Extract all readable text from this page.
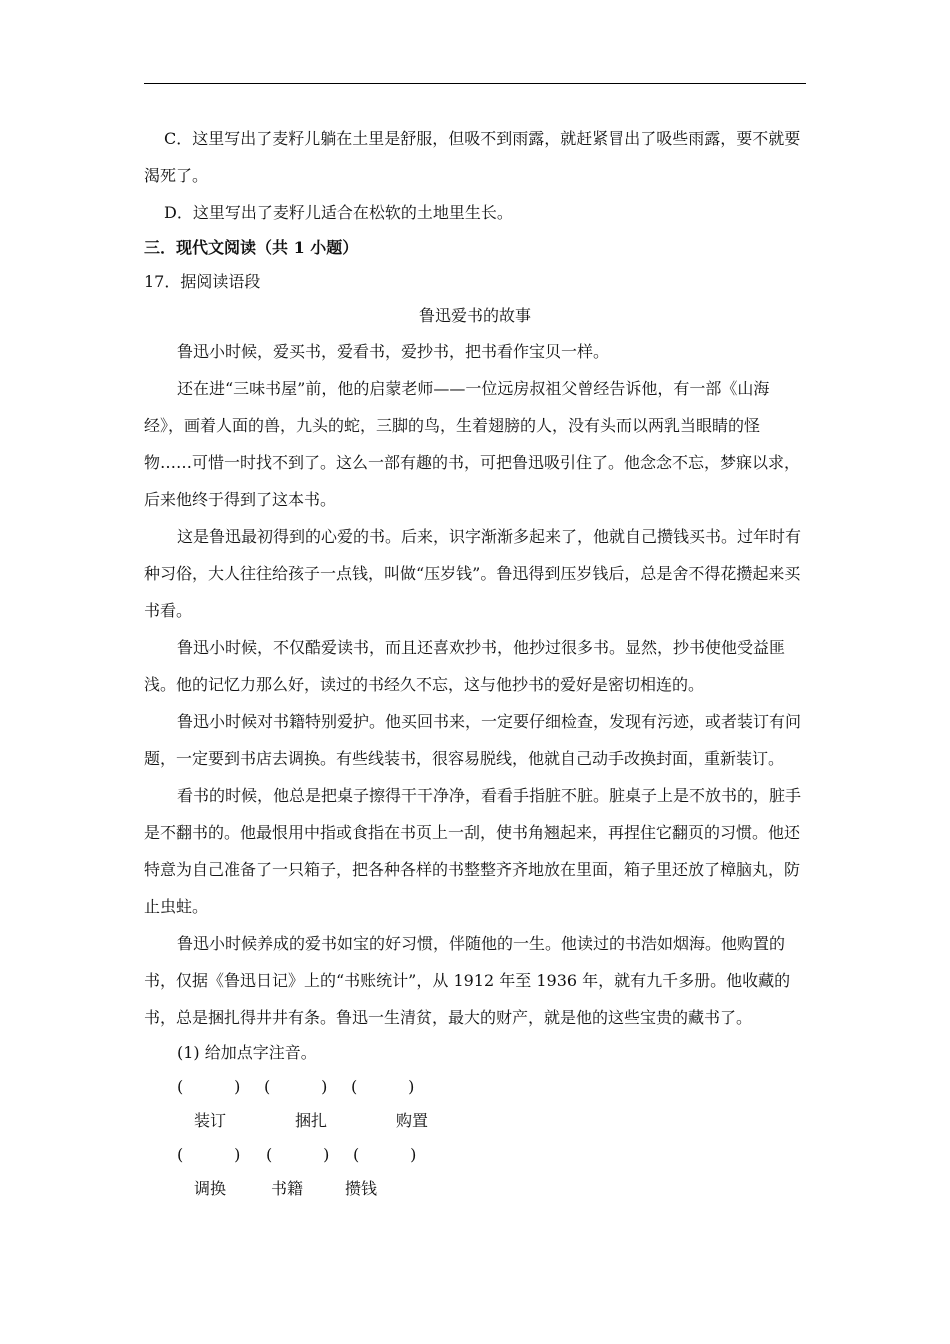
C．这里写出了麦籽儿躺在土里是舒服，但吸不到雨露，就赶紧冒出了吸些雨露，要不就要渴死了。

D．这里写出了麦籽儿适合在松软的土地里生长。

三．现代文阅读（共 1 小题）

17．据阅读语段

鲁迅爱书的故事

鲁迅小时候，爱买书，爱看书，爱抄书，把书看作宝贝一样。

还在进“三味书屋”前，他的启蒙老师——一位远房叔祖父曾经告诉他，有一部《山海经》，画着人面的兽，九头的蛇，三脚的鸟，生着翅膀的人，没有头而以两乳当眼睛的怪物……可惜一时找不到了。这么一部有趣的书，可把鲁迅吸引住了。他念念不忘，梦寐以求，后来他终于得到了这本书。

这是鲁迅最初得到的心爱的书。后来，识字渐渐多起来了，他就自己攒钱买书。过年时有种习俗，大人往往给孩子一点钱，叫做“压岁钱”。鲁迅得到压岁钱后，总是舍不得花攒起来买书看。

鲁迅小时候，不仅酷爱读书，而且还喜欢抄书，他抄过很多书。显然，抄书使他受益匪浅。他的记忆力那么好，读过的书经久不忘，这与他抄书的爱好是密切相连的。

鲁迅小时候对书籍特别爱护。他买回书来，一定要仔细检查，发现有污迹，或者装订有问题，一定要到书店去调换。有些线装书，很容易脱线，他就自己动手改换封面，重新装订。

看书的时候，他总是把桌子擦得干干净净，看看手指脏不脏。脏桌子上是不放书的，脏手是不翻书的。他最恨用中指或食指在书页上一刮，使书角翘起来，再捏住它翻页的习惯。他还特意为自己准备了一只箱子，把各种各样的书整整齐齐地放在里面，箱子里还放了樟脑丸，防止虫蛀。

鲁迅小时候养成的爱书如宝的好习惯，伴随他的一生。他读过的书浩如烟海。他购置的书，仅据《鲁迅日记》上的“书账统计”，从 1912 年至 1936 年，就有九千多册。他收藏的书，总是捆扎得井井有条。鲁迅一生清贫，最大的财产，就是他的这些宝贵的藏书了。

(1) 给加点字注音。

(          ) (          ) (          )
装订	捆扎	购置
(          ) (          ) (          )
调换	书籍	攒钱
